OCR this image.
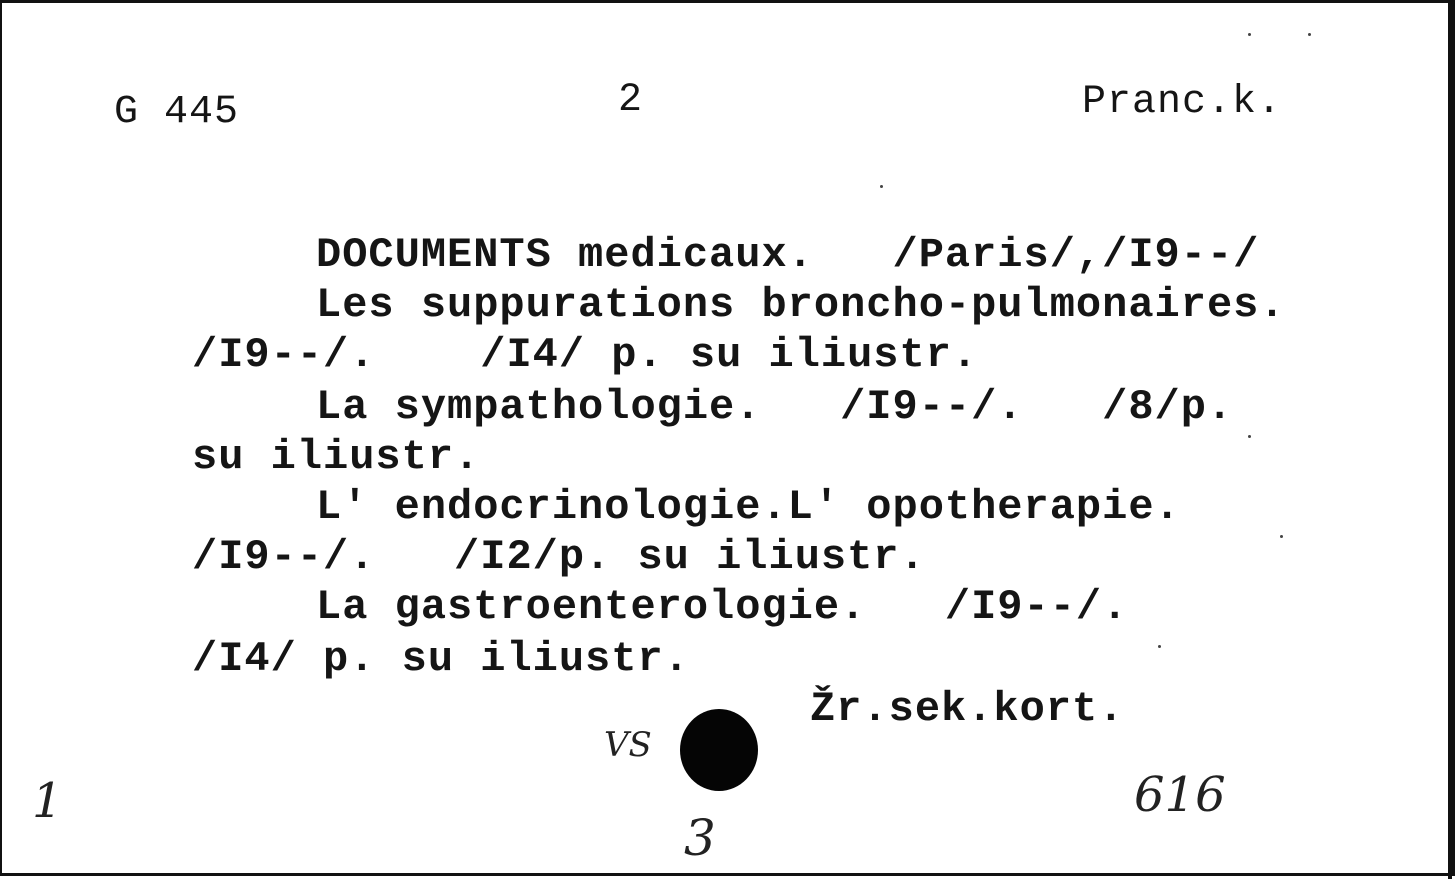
G 445	2	Pranc.k.
DOCUMENTS medicaux.   /Paris/,/I9--/
Les suppurations broncho-pulmonaires.
/I9--/.    /I4/ p. su iliustr.
La sympathologie.   /I9--/.   /8/p.
su iliustr.
L' endocrinologie.L' opotherapie.
/I9--/.   /I2/p. su iliustr.
La gastroenterologie.   /I9--/.
/I4/ p. su iliustr.
Žr.sek.kort.
1
VS
3
616
